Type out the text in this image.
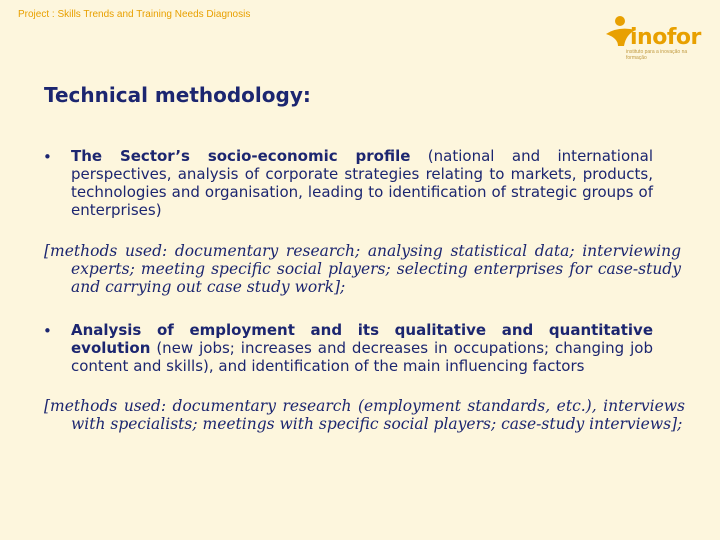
Project : Skills Trends and Training Needs Diagnosis
inofor
instituto para a inovação na formação
Technical methodology:
• The Sector’s socio-economic profile (national and international perspectives, analysis of corporate strategies relating to markets, products, technologies and organisation, leading to identification of strategic groups of enterprises)
[methods used: documentary research; analysing statistical data; interviewing experts; meeting specific social players; selecting enterprises for case-study and carrying out case study work];
• Analysis of employment and its qualitative and quantitative evolution (new jobs; increases and decreases in occupations; changing job content and skills), and identification of the main influencing factors
[methods used: documentary research (employment standards, etc.), interviews with specialists; meetings with specific social players; case-study interviews];
